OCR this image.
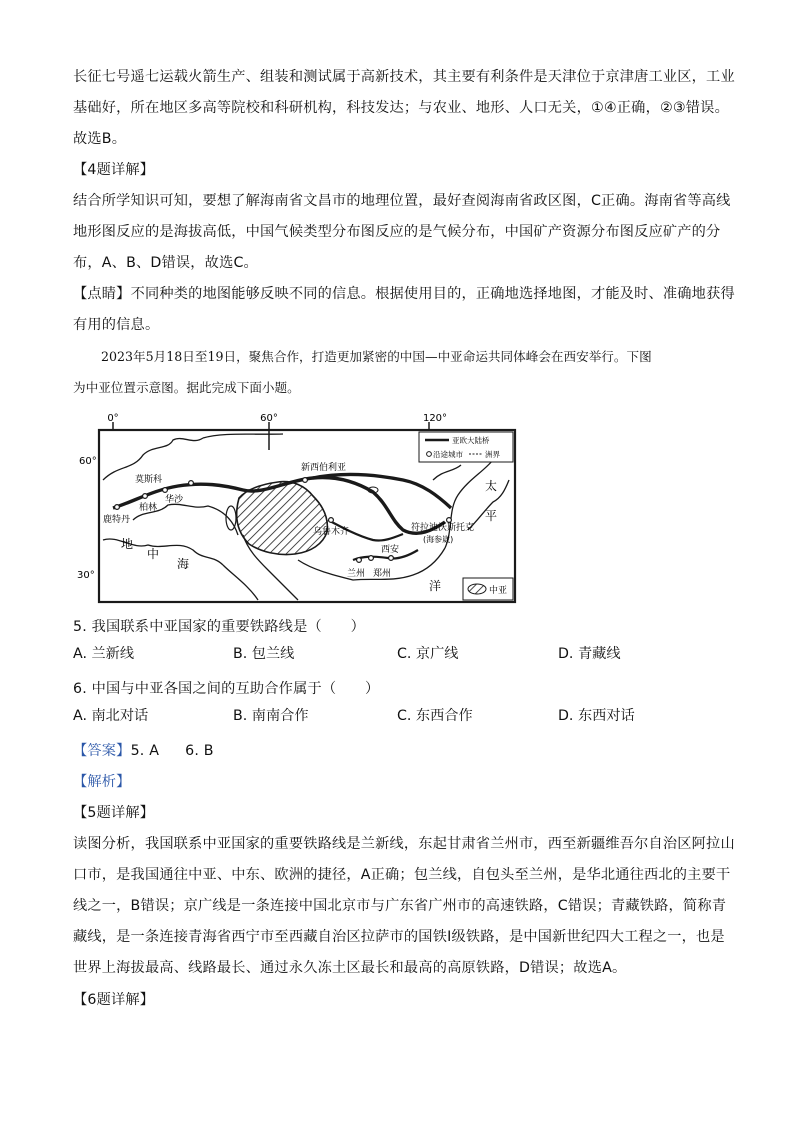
长征七号遥七运载火箭生产、组装和测试属于高新技术，其主要有利条件是天津位于京津唐工业区，工业
基础好，所在地区多高等院校和科研机构，科技发达；与农业、地形、人口无关，①④正确，②③错误。
故选B。
【4题详解】
结合所学知识可知，要想了解海南省文昌市的地理位置，最好查阅海南省政区图，C正确。海南省等高线
地形图反应的是海拔高低，中国气候类型分布图反应的是气候分布，中国矿产资源分布图反应矿产的分
布，A、B、D错误，故选C。
【点睛】不同种类的地图能够反映不同的信息。根据使用目的，正确地选择地图，才能及时、准确地获得
有用的信息。
2023年5月18日至19日，聚焦合作，打造更加紧密的中国—中亚命运共同体峰会在西安举行。下图
为中亚位置示意图。据此完成下面小题。
0°	60°	120°
60°
30°
莫斯科
柏林
华沙
鹿特丹
新西伯利亚
乌鲁木齐	符拉迪沃斯托克
(海参崴)
西安
兰州 郑州
地
中
海
太
平
洋
亚欧大陆桥
沿途城市	洲界
中亚
5. 我国联系中亚国家的重要铁路线是（　　）
A. 兰新线	B. 包兰线	C. 京广线	D. 青藏线
6. 中国与中亚各国之间的互助合作属于（　　）
A. 南北对话	B. 南南合作	C. 东西合作	D. 东西对话
【答案】5. A 6. B
【解析】
【5题详解】
读图分析，我国联系中亚国家的重要铁路线是兰新线，东起甘肃省兰州市，西至新疆维吾尔自治区阿拉山
口市，是我国通往中亚、中东、欧洲的捷径，A正确；包兰线，自包头至兰州，是华北通往西北的主要干
线之一，B错误；京广线是一条连接中国北京市与广东省广州市的高速铁路，C错误；青藏铁路，简称青
藏线，是一条连接青海省西宁市至西藏自治区拉萨市的国铁Ⅰ级铁路，是中国新世纪四大工程之一，也是
世界上海拔最高、线路最长、通过永久冻土区最长和最高的高原铁路，D错误；故选A。
【6题详解】
